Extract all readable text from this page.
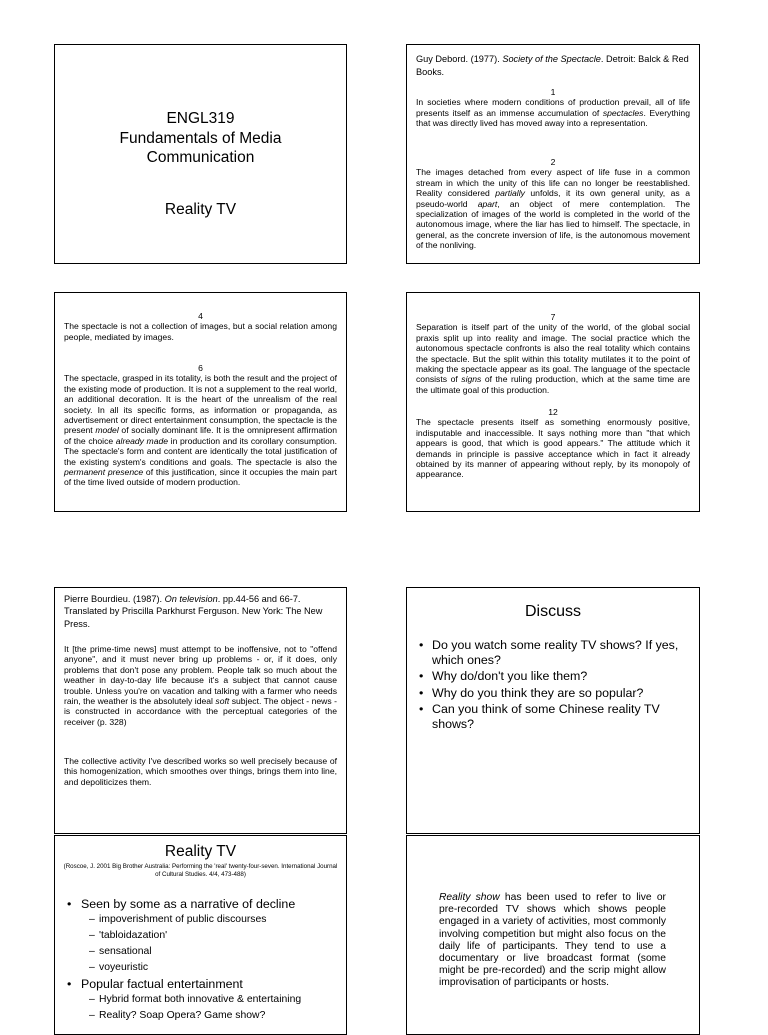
ENGL319
Fundamentals of Media
Communication
Reality TV
Guy Debord. (1977). Society of the Spectacle. Detroit: Balck & Red Books.
1
In societies where modern conditions of production prevail, all of life presents itself as an immense accumulation of spectacles. Everything that was directly lived has moved away into a representation.
2
The images detached from every aspect of life fuse in a common stream in which the unity of this life can no longer be reestablished. Reality considered partially unfolds, it its own general unity, as a pseudo-world apart, an object of mere contemplation. The specialization of images of the world is completed in the world of the autonomous image, where the liar has lied to himself. The spectacle, in general, as the concrete inversion of life, is the autonomous movement of the nonliving.
4
The spectacle is not a collection of images, but a social relation among people, mediated by images.
6
The spectacle, grasped in its totality, is both the result and the project of the existing mode of production. It is not a supplement to the real world, an additional decoration. It is the heart of the unrealism of the real society. In all its specific forms, as information or propaganda, as advertisement or direct entertainment consumption, the spectacle is the present model of socially dominant life. It is the omnipresent affirmation of the choice already made in production and its corollary consumption. The spectacle's form and content are identically the total justification of the existing system's conditions and goals. The spectacle is also the permanent presence of this justification, since it occupies the main part of the time lived outside of modern production.
7
Separation is itself part of the unity of the world, of the global social praxis split up into reality and image. The social practice which the autonomous spectacle confronts is also the real totality which contains the spectacle. But the split within this totality mutilates it to the point of making the spectacle appear as its goal. The language of the spectacle consists of signs of the ruling production, which at the same time are the ultimate goal of this production.
12
The spectacle presents itself as something enormously positive, indisputable and inaccessible. It says nothing more than "that which appears is good, that which is good appears." The attitude which it demands in principle is passive acceptance which in fact it already obtained by its manner of appearing without reply, by its monopoly of appearance.
Pierre Bourdieu. (1987). On television. pp.44-56 and 66-7. Translated by Priscilla Parkhurst Ferguson. New York: The New Press.
It [the prime-time news] must attempt to be inoffensive, not to "offend anyone", and it must never bring up problems - or, if it does, only problems that don't pose any problem. People talk so much about the weather in day-to-day life because it's a subject that cannot cause trouble. Unless you're on vacation and talking with a farmer who needs rain, the weather is the absolutely ideal soft subject. The object - news - is constructed in accordance with the perceptual categories of the receiver (p. 328)
The collective activity I've described works so well precisely because of this homogenization, which smoothes over things, brings them into line, and depoliticizes them.
Discuss
• Do you watch some reality TV shows? If yes, which ones?
• Why do/don't you like them?
• Why do you think they are so popular?
• Can you think of some Chinese reality TV shows?
Reality TV
(Roscoe, J. 2001 Big Brother Australia: Performing the 'real' twenty-four-seven. International Journal of Cultural Studies. 4/4, 473-488)
• Seen by some as a narrative of decline
– impoverishment of public discourses
– 'tabloidazation'
– sensational
– voyeuristic
• Popular factual entertainment
– Hybrid format both innovative & entertaining
– Reality? Soap Opera? Game show?
Reality show has been used to refer to live or pre-recorded TV shows which shows people engaged in a variety of activities, most commonly involving competition but might also focus on the daily life of participants. They tend to use a documentary or live broadcast format (some might be pre-recorded) and the scrip might allow improvisation of participants or hosts.
